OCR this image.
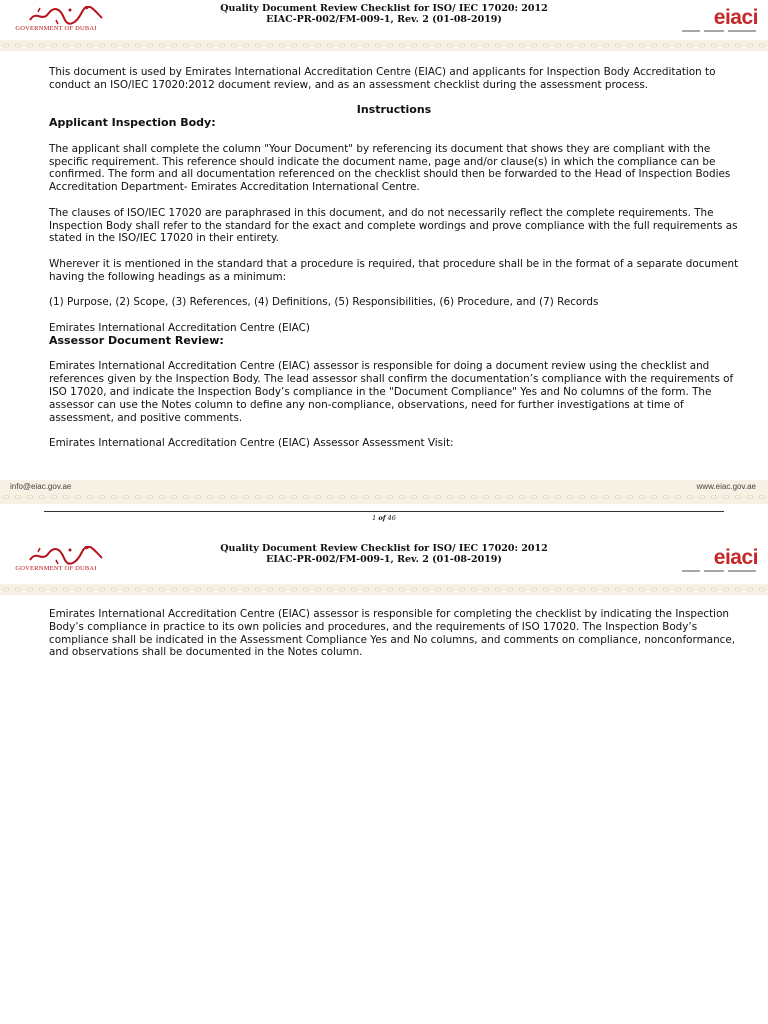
GOVERNMENT OF DUBAI
Quality Document Review Checklist for ISO/ IEC 17020: 2012
EIAC-PR-002/FM-009-1, Rev. 2 (01-08-2019)	eiaci

This document is used by Emirates International Accreditation Centre (EIAC) and applicants for Inspection Body Accreditation to conduct an ISO/IEC 17020:2012 document review, and as an assessment checklist during the assessment process.

Instructions
Applicant Inspection Body:

The applicant shall complete the column "Your Document" by referencing its document that shows they are compliant with the specific requirement. This reference should indicate the document name, page and/or clause(s) in which the compliance can be confirmed. The form and all documentation referenced on the checklist should then be forwarded to the Head of Inspection Bodies Accreditation Department- Emirates Accreditation International Centre.

The clauses of ISO/IEC 17020 are paraphrased in this document, and do not necessarily reflect the complete requirements. The Inspection Body shall refer to the standard for the exact and complete wordings and prove compliance with the full requirements as stated in the ISO/IEC 17020 in their entirety.

Wherever it is mentioned in the standard that a procedure is required, that procedure shall be in the format of a separate document having the following headings as a minimum:

(1) Purpose, (2) Scope, (3) References, (4) Definitions, (5) Responsibilities, (6) Procedure, and (7) Records

Emirates International Accreditation Centre (EIAC)

Assessor Document Review:

Emirates International Accreditation Centre (EIAC) assessor is responsible for doing a document review using the checklist and references given by the Inspection Body. The lead assessor shall confirm the documentation’s compliance with the requirements of ISO 17020, and indicate the Inspection Body’s compliance in the "Document Compliance" Yes and No columns of the form. The assessor can use the Notes column to define any non-compliance, observations, need for further investigations at time of assessment, and positive comments.

Emirates International Accreditation Centre (EIAC) Assessor Assessment Visit:

info@eiac.gov.ae	www.eiac.gov.ae
1 of 46
GOVERNMENT OF DUBAI
Quality Document Review Checklist for ISO/ IEC 17020: 2012
EIAC-PR-002/FM-009-1, Rev. 2 (01-08-2019)	eiaci

Emirates International Accreditation Centre (EIAC) assessor is responsible for completing the checklist by indicating the Inspection Body’s compliance in practice to its own policies and procedures, and the requirements of ISO 17020. The Inspection Body’s compliance shall be indicated in the Assessment Compliance Yes and No columns, and comments on compliance, nonconformance, and observations shall be documented in the Notes column.
